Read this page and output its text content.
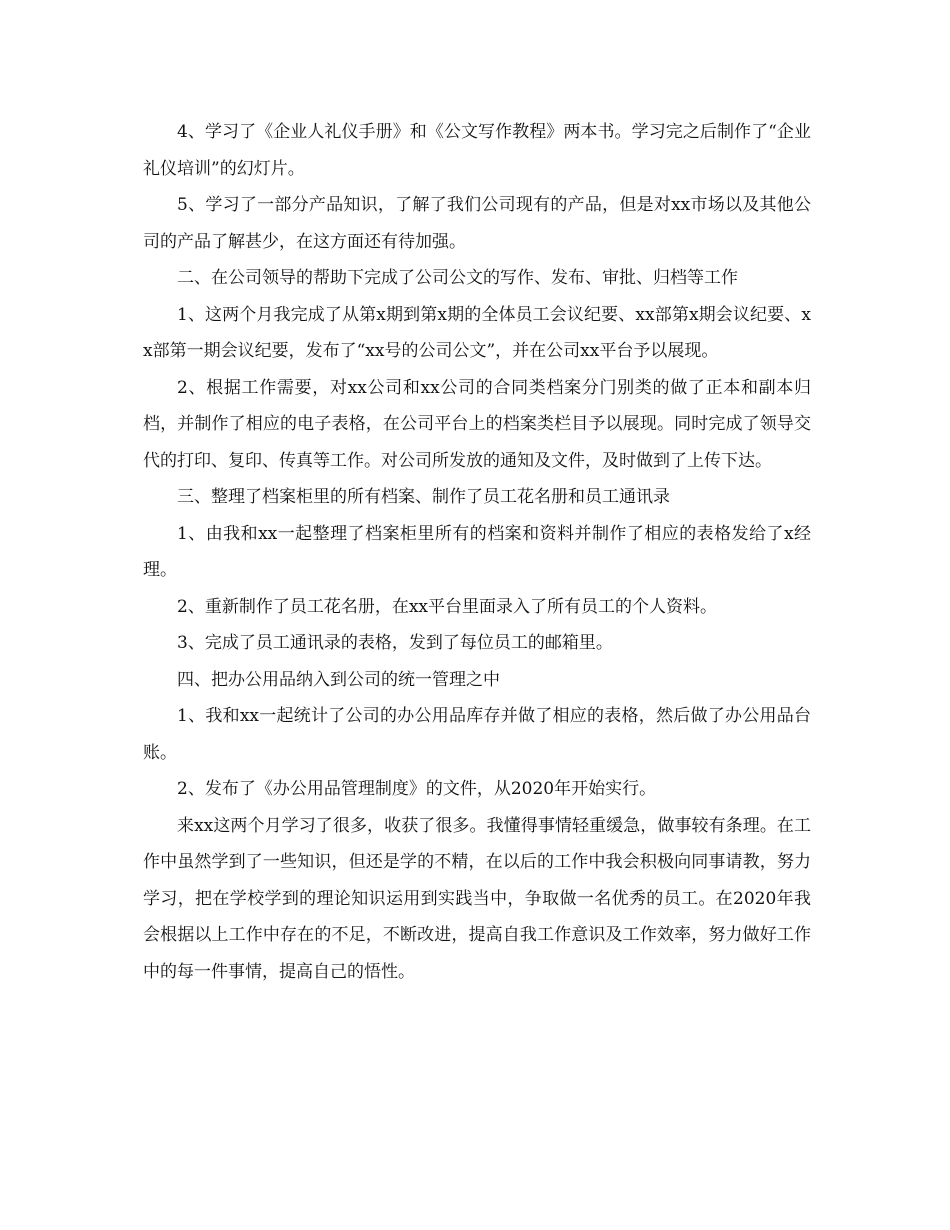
4、学习了《企业人礼仪手册》和《公文写作教程》两本书。学习完之后制作了“企业礼仪培训”的幻灯片。

5、学习了一部分产品知识，了解了我们公司现有的产品，但是对xx市场以及其他公司的产品了解甚少，在这方面还有待加强。

二、在公司领导的帮助下完成了公司公文的写作、发布、审批、归档等工作

1、这两个月我完成了从第x期到第x期的全体员工会议纪要、xx部第x期会议纪要、xx部第一期会议纪要，发布了“xx号的公司公文”，并在公司xx平台予以展现。

2、根据工作需要，对xx公司和xx公司的合同类档案分门别类的做了正本和副本归档，并制作了相应的电子表格，在公司平台上的档案类栏目予以展现。同时完成了领导交代的打印、复印、传真等工作。对公司所发放的通知及文件，及时做到了上传下达。

三、整理了档案柜里的所有档案、制作了员工花名册和员工通讯录

1、由我和xx一起整理了档案柜里所有的档案和资料并制作了相应的表格发给了x经理。

2、重新制作了员工花名册，在xx平台里面录入了所有员工的个人资料。

3、完成了员工通讯录的表格，发到了每位员工的邮箱里。

四、把办公用品纳入到公司的统一管理之中

1、我和xx一起统计了公司的办公用品库存并做了相应的表格，然后做了办公用品台账。

2、发布了《办公用品管理制度》的文件，从2020年开始实行。

来xx这两个月学习了很多，收获了很多。我懂得事情轻重缓急，做事较有条理。在工作中虽然学到了一些知识，但还是学的不精，在以后的工作中我会积极向同事请教，努力学习，把在学校学到的理论知识运用到实践当中，争取做一名优秀的员工。在2020年我会根据以上工作中存在的不足，不断改进，提高自我工作意识及工作效率，努力做好工作中的每一件事情，提高自己的悟性。
